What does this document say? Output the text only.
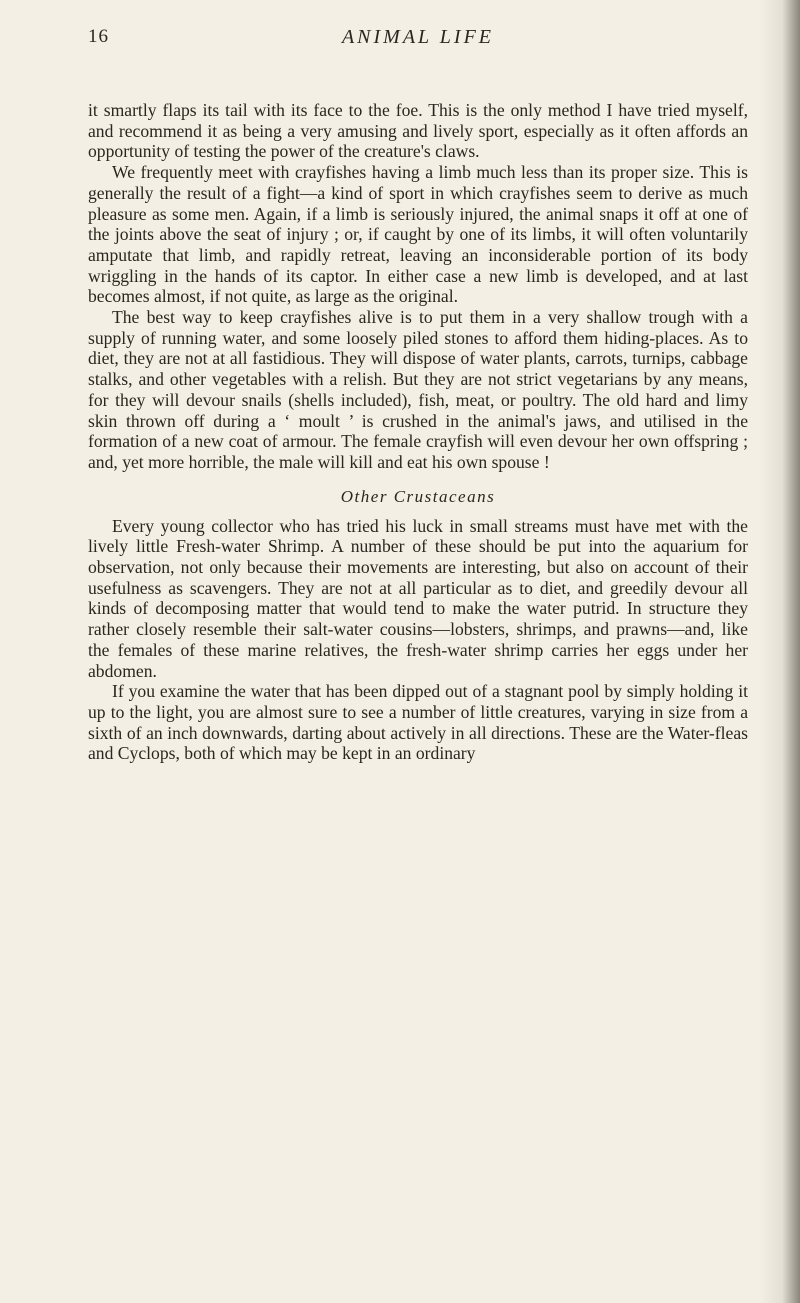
16	ANIMAL LIFE

it smartly flaps its tail with its face to the foe. This is the only method I have tried myself, and recommend it as being a very amusing and lively sport, especially as it often affords an opportunity of testing the power of the creature's claws.

We frequently meet with crayfishes having a limb much less than its proper size. This is generally the result of a fight—a kind of sport in which crayfishes seem to derive as much pleasure as some men. Again, if a limb is seriously injured, the animal snaps it off at one of the joints above the seat of injury ; or, if caught by one of its limbs, it will often voluntarily amputate that limb, and rapidly retreat, leaving an inconsiderable portion of its body wriggling in the hands of its captor. In either case a new limb is developed, and at last becomes almost, if not quite, as large as the original.

The best way to keep crayfishes alive is to put them in a very shallow trough with a supply of running water, and some loosely piled stones to afford them hiding-places. As to diet, they are not at all fastidious. They will dispose of water plants, carrots, turnips, cabbage stalks, and other vegetables with a relish. But they are not strict vegetarians by any means, for they will devour snails (shells included), fish, meat, or poultry. The old hard and limy skin thrown off during a ‘ moult ’ is crushed in the animal's jaws, and utilised in the formation of a new coat of armour. The female crayfish will even devour her own offspring ; and, yet more horrible, the male will kill and eat his own spouse !

Other Crustaceans

Every young collector who has tried his luck in small streams must have met with the lively little Fresh-water Shrimp. A number of these should be put into the aquarium for observation, not only because their movements are interesting, but also on account of their usefulness as scavengers. They are not at all particular as to diet, and greedily devour all kinds of decomposing matter that would tend to make the water putrid. In structure they rather closely resemble their salt-water cousins—lobsters, shrimps, and prawns—and, like the females of these marine relatives, the fresh-water shrimp carries her eggs under her abdomen.

If you examine the water that has been dipped out of a stagnant pool by simply holding it up to the light, you are almost sure to see a number of little creatures, varying in size from a sixth of an inch downwards, darting about actively in all directions. These are the Water-fleas and Cyclops, both of which may be kept in an ordinary
